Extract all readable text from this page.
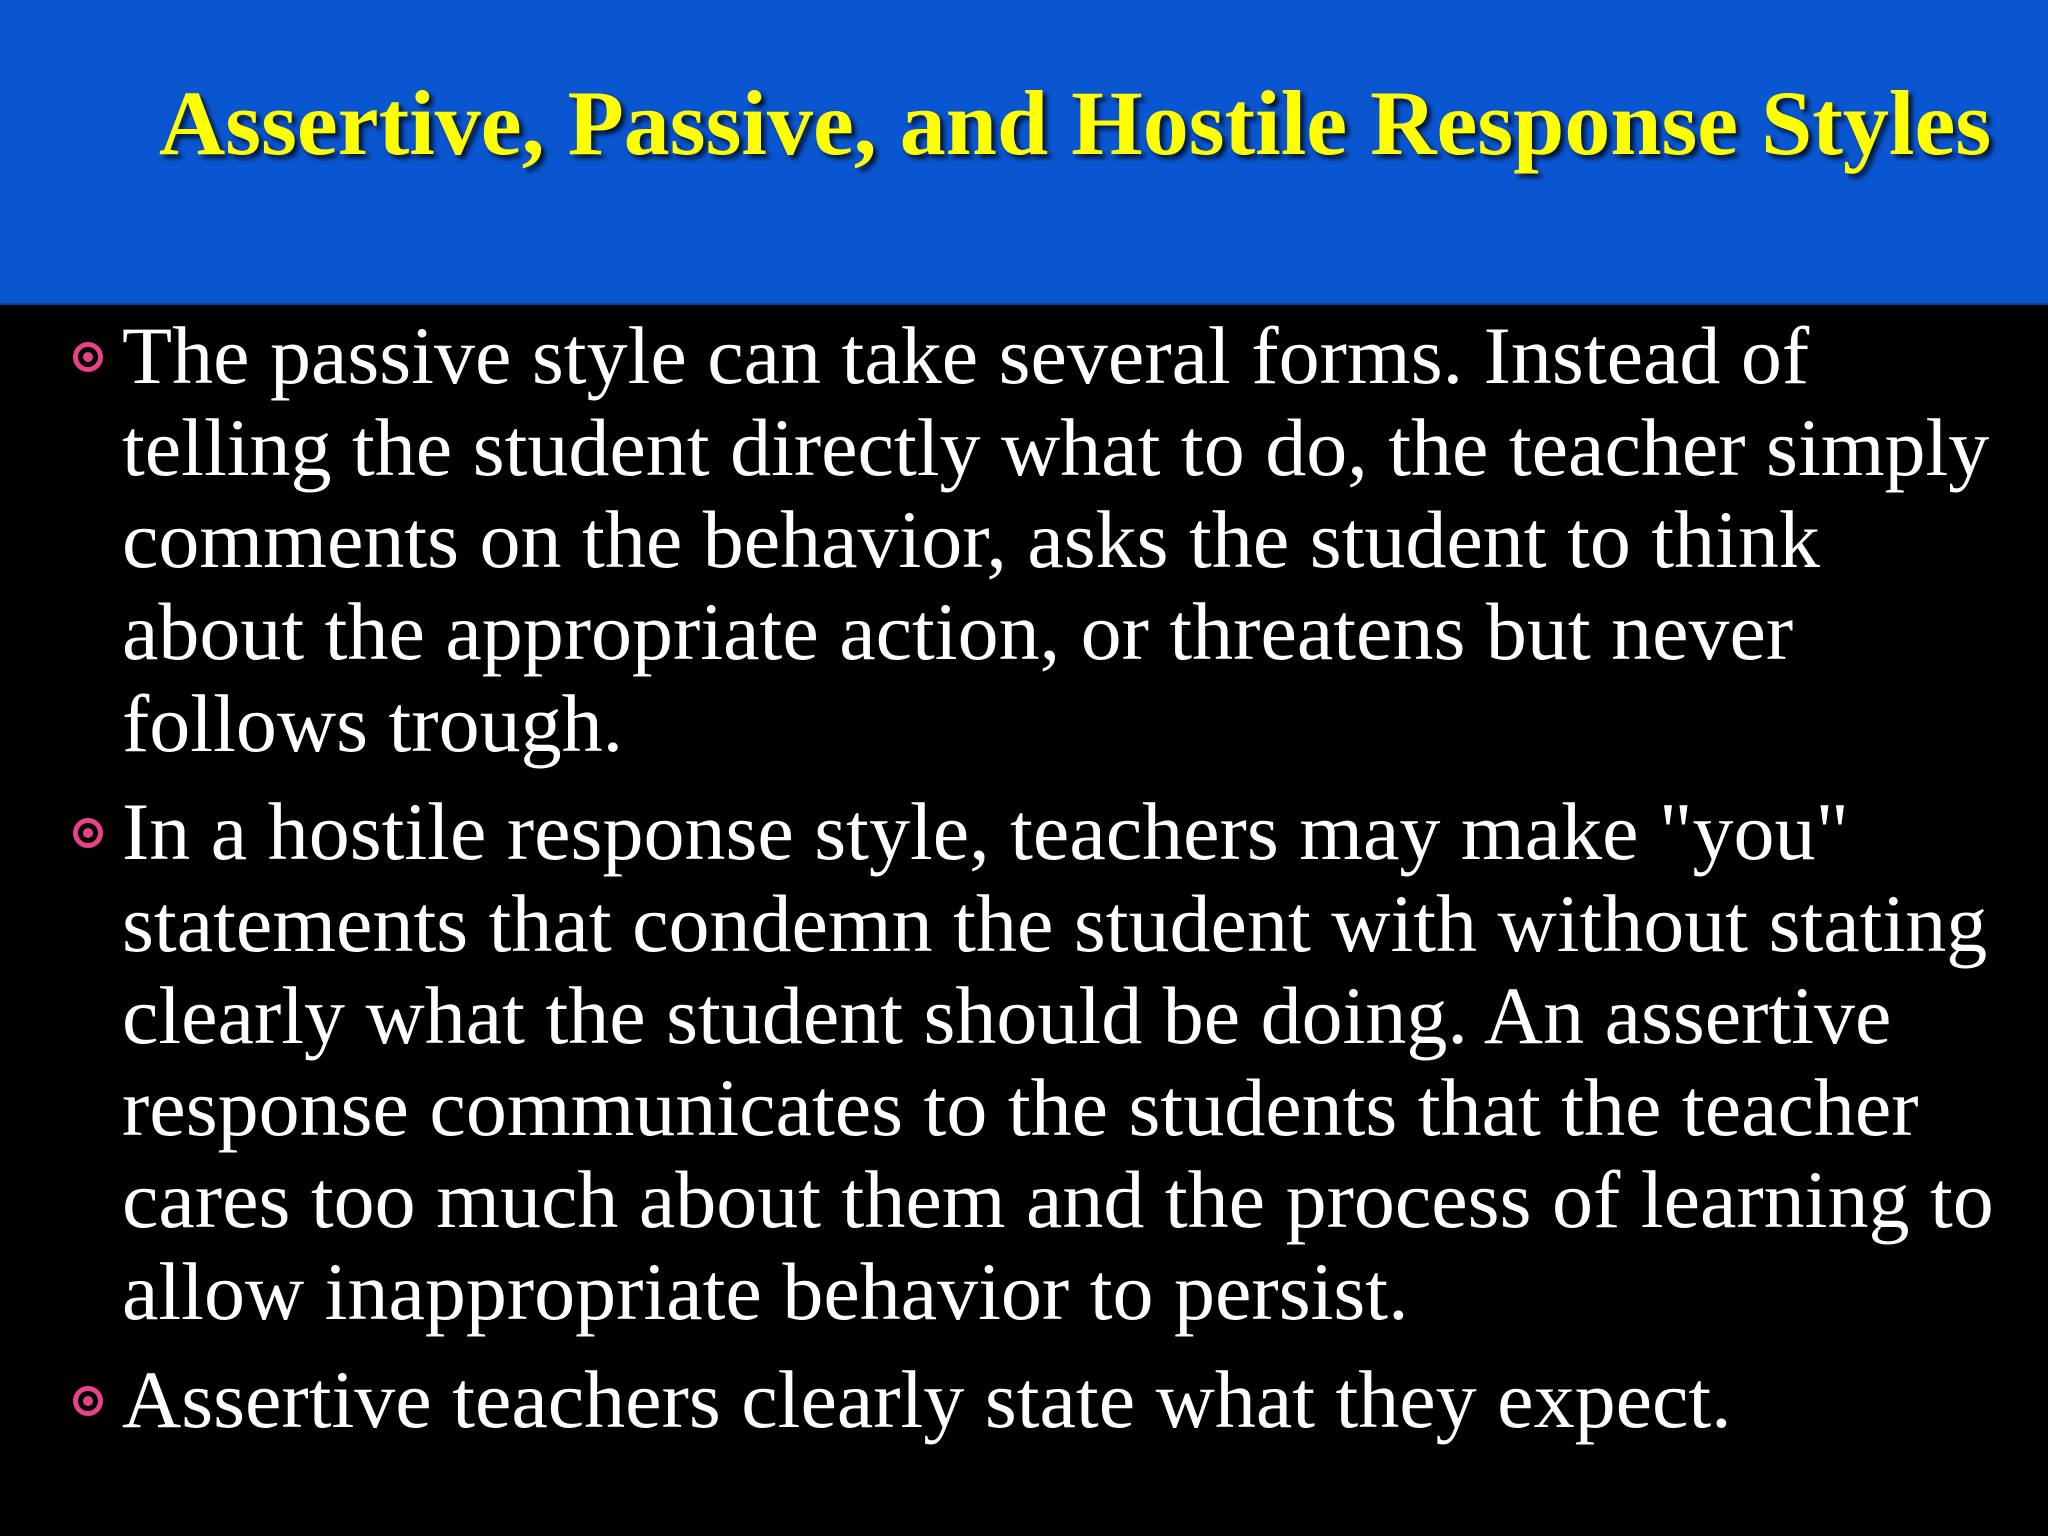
Assertive, Passive, and Hostile Response Styles
The passive style can take several forms. Instead of telling the student directly what to do, the teacher simply comments on the behavior, asks the student to think about the appropriate action, or threatens but never follows trough.
In a hostile response style, teachers may make "you" statements that condemn the student with without stating clearly what the student should be doing. An assertive response communicates to the students that the teacher cares too much about them and the process of learning to allow inappropriate behavior to persist.
Assertive teachers clearly state what they expect.
